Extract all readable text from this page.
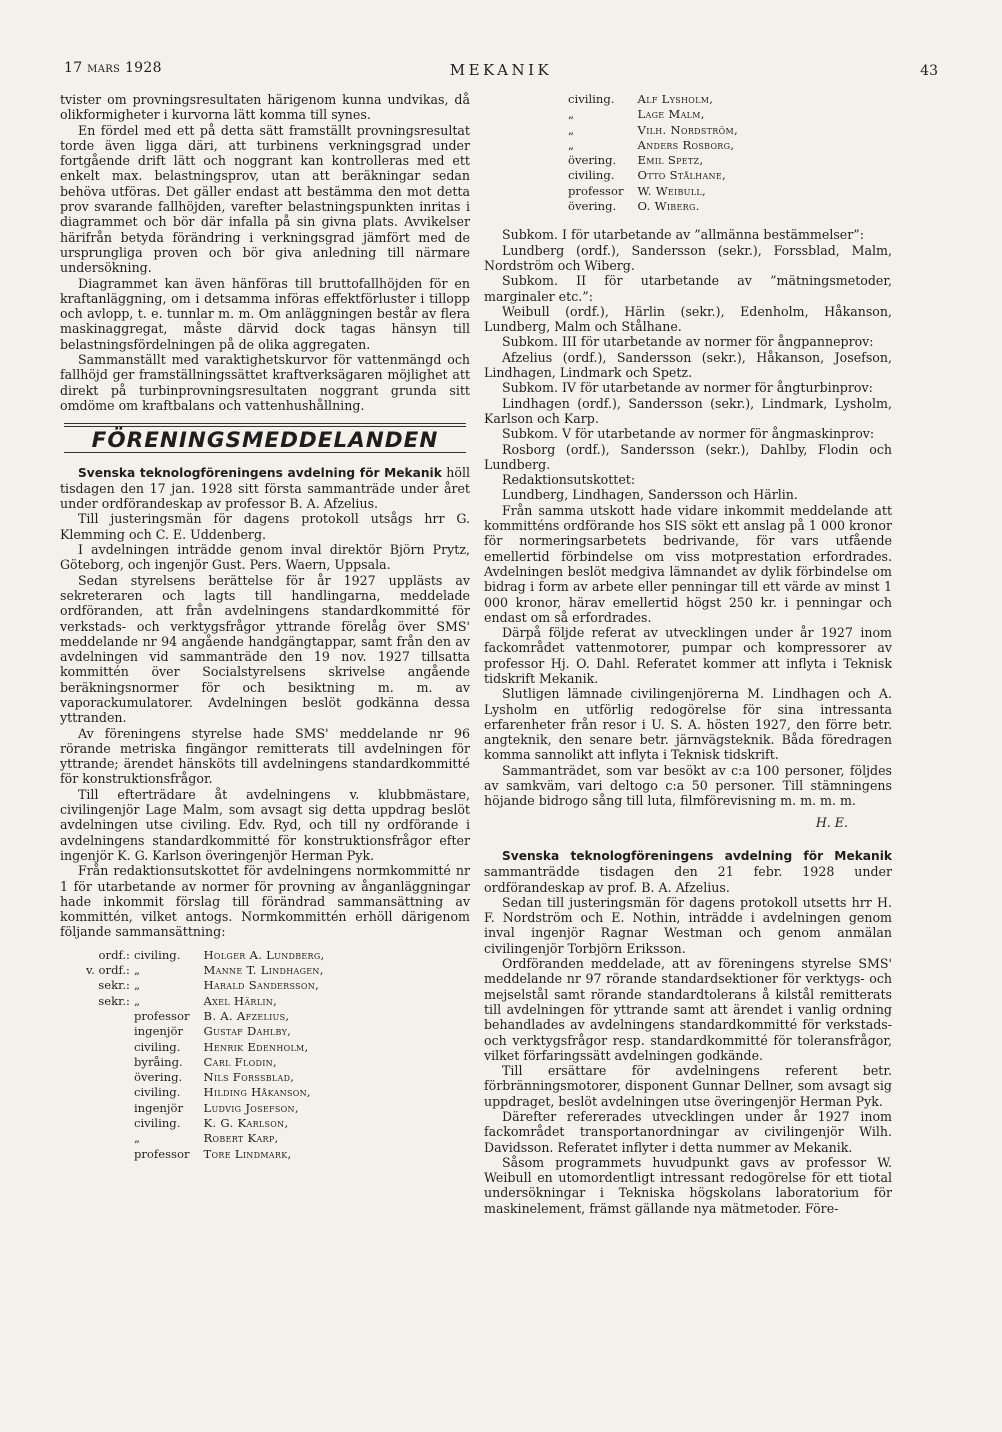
17 mars 1928	MEKANIK	43

tvister om provningsresultaten härigenom kunna undvikas, då olikformigheter i kurvorna lätt komma till synes.

En fördel med ett på detta sätt framställt provningsresultat torde även ligga däri, att turbinens verkningsgrad under fortgående drift lätt och noggrant kan kontrolleras med ett enkelt max. belastningsprov, utan att beräkningar sedan behöva utföras. Det gäller endast att bestämma den mot detta prov svarande fallhöjden, varefter belastningspunkten inritas i diagrammet och bör där infalla på sin givna plats. Avvikelser härifrån betyda förändring i verkningsgrad jämfört med de ursprungliga proven och bör giva anledning till närmare undersökning.

Diagrammet kan även hänföras till bruttofallhöjden för en kraftanläggning, om i detsamma införas effektförluster i tillopp och avlopp, t. e. tunnlar m. m. Om anläggningen består av flera maskinaggregat, måste därvid dock tagas hänsyn till belastningsfördelningen på de olika aggregaten.

Sammanställt med varaktighetskurvor för vattenmängd och fallhöjd ger framställningssättet kraftverksägaren möjlighet att direkt på turbinprovningsresultaten noggrant grunda sitt omdöme om kraftbalans och vattenhushållning.

FÖRENINGSMEDDELANDEN

Svenska teknologföreningens avdelning för Mekanik höll tisdagen den 17 jan. 1928 sitt första sammanträde under året under ordförandeskap av professor B. A. Afzelius.

Till justeringsmän för dagens protokoll utsågs hrr G. Klemming och C. E. Uddenberg.

I avdelningen inträdde genom inval direktör Björn Prytz, Göteborg, och ingenjör Gust. Pers. Waern, Uppsala.

Sedan styrelsens berättelse för år 1927 upplästs av sekreteraren och lagts till handlingarna, meddelade ordföranden, att från avdelningens standardkommitté för verkstads- och verktygsfrågor yttrande förelåg över SMS' meddelande nr 94 angående handgängtappar, samt från den av avdelningen vid sammanträde den 19 nov. 1927 tillsatta kommittén över Socialstyrelsens skrivelse angående beräkningsnormer för och besiktning m. m. av vaporackumulatorer. Avdelningen beslöt godkänna dessa yttranden.

Av föreningens styrelse hade SMS' meddelande nr 96 rörande metriska fingängor remitterats till avdelningen för yttrande; ärendet hänsköts till avdelningens standardkommitté för konstruktionsfrågor.

Till efterträdare åt avdelningens v. klubbmästare, civilingenjör Lage Malm, som avsagt sig detta uppdrag beslöt avdelningen utse civiling. Edv. Ryd, och till ny ordförande i avdelningens standardkommitté för konstruktionsfrågor efter ingenjör K. G. Karlson överingenjör Herman Pyk.

Från redaktionsutskottet för avdelningens normkommitté nr 1 för utarbetande av normer för provning av ånganläggningar hade inkommit förslag till förändrad sammansättning av kommittén, vilket antogs. Normkommittén erhöll därigenom följande sammansättning:

ordf.:	civiling.	Holger A. Lundberg,
v. ordf.:	„	Manne T. Lindhagen,
sekr.:	„	Harald Sandersson,
sekr.:	„	Axel Härlin,
	professor	B. A. Afzelius,
	ingenjör	Gustaf Dahlby,
	civiling.	Henrik Edenholm,
	byråing.	Carl Flodin,
	övering.	Nils Forssblad,
	civiling.	Hilding Håkanson,
	ingenjör	Ludvig Josefson,
	civiling.	K. G. Karlson,
	„	Robert Karp,
	professor	Tore Lindmark,
civiling.	Alf Lysholm,
„	Lage Malm,
„	Vilh. Nordström,
„	Anders Rosborg,
övering.	Emil Spetz,
civiling.	Otto Stålhane,
professor	W. Weibull,
övering.	O. Wiberg.

Subkom. I för utarbetande av ”allmänna bestämmelser”:

Lundberg (ordf.), Sandersson (sekr.), Forssblad, Malm, Nordström och Wiberg.

Subkom. II för utarbetande av ”mätningsmetoder, marginaler etc.”:

Weibull (ordf.), Härlin (sekr.), Edenholm, Håkanson, Lundberg, Malm och Stålhane.

Subkom. III för utarbetande av normer för ångpanneprov:

Afzelius (ordf.), Sandersson (sekr.), Håkanson, Josefson, Lindhagen, Lindmark och Spetz.

Subkom. IV för utarbetande av normer för ångturbinprov:

Lindhagen (ordf.), Sandersson (sekr.), Lindmark, Lysholm, Karlson och Karp.

Subkom. V för utarbetande av normer för ångmaskinprov:

Rosborg (ordf.), Sandersson (sekr.), Dahlby, Flodin och Lundberg.

Redaktionsutskottet:

Lundberg, Lindhagen, Sandersson och Härlin.

Från samma utskott hade vidare inkommit meddelande att kommitténs ordförande hos SIS sökt ett anslag på 1 000 kronor för normeringsarbetets bedrivande, för vars utfående emellertid förbindelse om viss motprestation erfordrades. Avdelningen beslöt medgiva lämnandet av dylik förbindelse om bidrag i form av arbete eller penningar till ett värde av minst 1 000 kronor, härav emellertid högst 250 kr. i penningar och endast om så erfordrades.

Därpå följde referat av utvecklingen under år 1927 inom fackområdet vattenmotorer, pumpar och kompressorer av professor Hj. O. Dahl. Referatet kommer att inflyta i Teknisk tidskrift Mekanik.

Slutligen lämnade civilingenjörerna M. Lindhagen och A. Lysholm en utförlig redogörelse för sina intressanta erfarenheter från resor i U. S. A. hösten 1927, den förre betr. angteknik, den senare betr. järnvägsteknik. Båda föredragen komma sannolikt att inflyta i Teknisk tidskrift.

Sammanträdet, som var besökt av c:a 100 personer, följdes av samkväm, vari deltogo c:a 50 personer. Till stämningens höjande bidrogo sång till luta, filmförevisning m. m. m. m.

H. E.

Svenska teknologföreningens avdelning för Mekanik sammanträdde tisdagen den 21 febr. 1928 under ordförandeskap av prof. B. A. Afzelius.

Sedan till justeringsmän för dagens protokoll utsetts hrr H. F. Nordström och E. Nothin, inträdde i avdelningen genom inval ingenjör Ragnar Westman och genom anmälan civilingenjör Torbjörn Eriksson.

Ordföranden meddelade, att av föreningens styrelse SMS' meddelande nr 97 rörande standardsektioner för verktygs- och mejselstål samt rörande standardtolerans å kilstål remitterats till avdelningen för yttrande samt att ärendet i vanlig ordning behandlades av avdelningens standardkommitté för verkstads- och verktygsfrågor resp. standardkommitté för toleransfrågor, vilket förfaringssätt avdelningen godkände.

Till ersättare för avdelningens referent betr. förbränningsmotorer, disponent Gunnar Dellner, som avsagt sig uppdraget, beslöt avdelningen utse överingenjör Herman Pyk.

Därefter refererades utvecklingen under år 1927 inom fackområdet transportanordningar av civilingenjör Wilh. Davidsson. Referatet inflyter i detta nummer av Mekanik.

Såsom programmets huvudpunkt gavs av professor W. Weibull en utomordentligt intressant redogörelse för ett tiotal undersökningar i Tekniska högskolans laboratorium för maskinelement, främst gällande nya mätmetoder. Före-
